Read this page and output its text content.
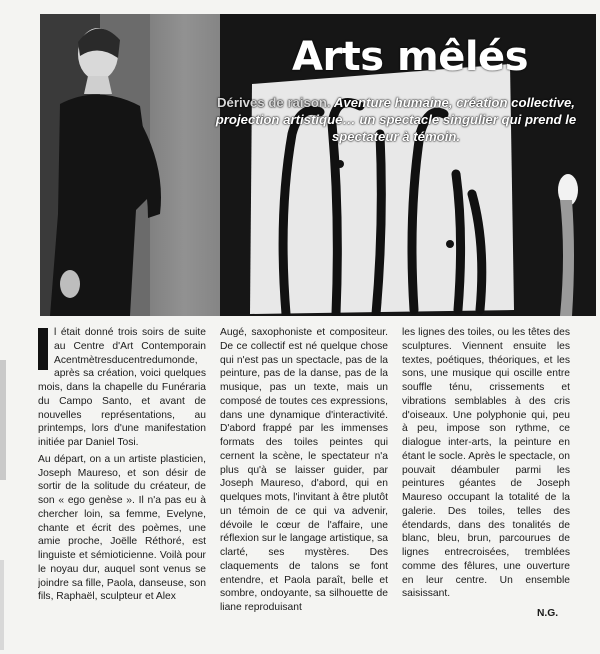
Arts mêlés
Dérives de raison. Aventure humaine, création collective, projection artistique… un spectacle singulier qui prend le spectateur à témoin.

l était donné trois soirs de suite au Centre d'Art Contemporain Acentmètresducentredumonde, après sa création, voici quelques mois, dans la chapelle du Funéraria du Campo Santo, et avant de nouvelles représentations, au printemps, lors d'une manifestation initiée par Daniel Tosi.

Au départ, on a un artiste plasticien, Joseph Maureso, et son désir de sortir de la solitude du créateur, de son « ego genèse ». Il n'a pas eu à chercher loin, sa femme, Evelyne, chante et écrit des poèmes, une amie proche, Joëlle Réthoré, est linguiste et sémioticienne. Voilà pour le noyau dur, auquel sont venus se joindre sa fille, Paola, danseuse, son fils, Raphaël, sculpteur et Alex

Augé, saxophoniste et compositeur. De ce collectif est né quelque chose qui n'est pas un spectacle, pas de la peinture, pas de la danse, pas de la musique, pas un texte, mais un composé de toutes ces expressions, dans une dynamique d'interactivité. D'abord frappé par les immenses formats des toiles peintes qui cernent la scène, le spectateur n'a plus qu'à se laisser guider, par Joseph Maureso, d'abord, qui en quelques mots, l'invitant à être plutôt un témoin de ce qui va advenir, dévoile le cœur de l'affaire, une réflexion sur le langage artistique, sa clarté, ses mystères. Des claquements de talons se font entendre, et Paola paraît, belle et sombre, ondoyante, sa silhouette de liane reproduisant

les lignes des toiles, ou les têtes des sculptures. Viennent ensuite les textes, poétiques, théoriques, et les sons, une musique qui oscille entre souffle ténu, crissements et vibrations semblables à des cris d'oiseaux. Une polyphonie qui, peu à peu, impose son rythme, ce dialogue inter-arts, la peinture en étant le socle. Après le spectacle, on pouvait déambuler parmi les peintures géantes de Joseph Maureso occupant la totalité de la galerie. Des toiles, telles des étendards, dans des tonalités de blanc, bleu, brun, parcourues de lignes entrecroisées, tremblées comme des fêlures, une ouverture en leur centre. Un ensemble saisissant.

N.G.
